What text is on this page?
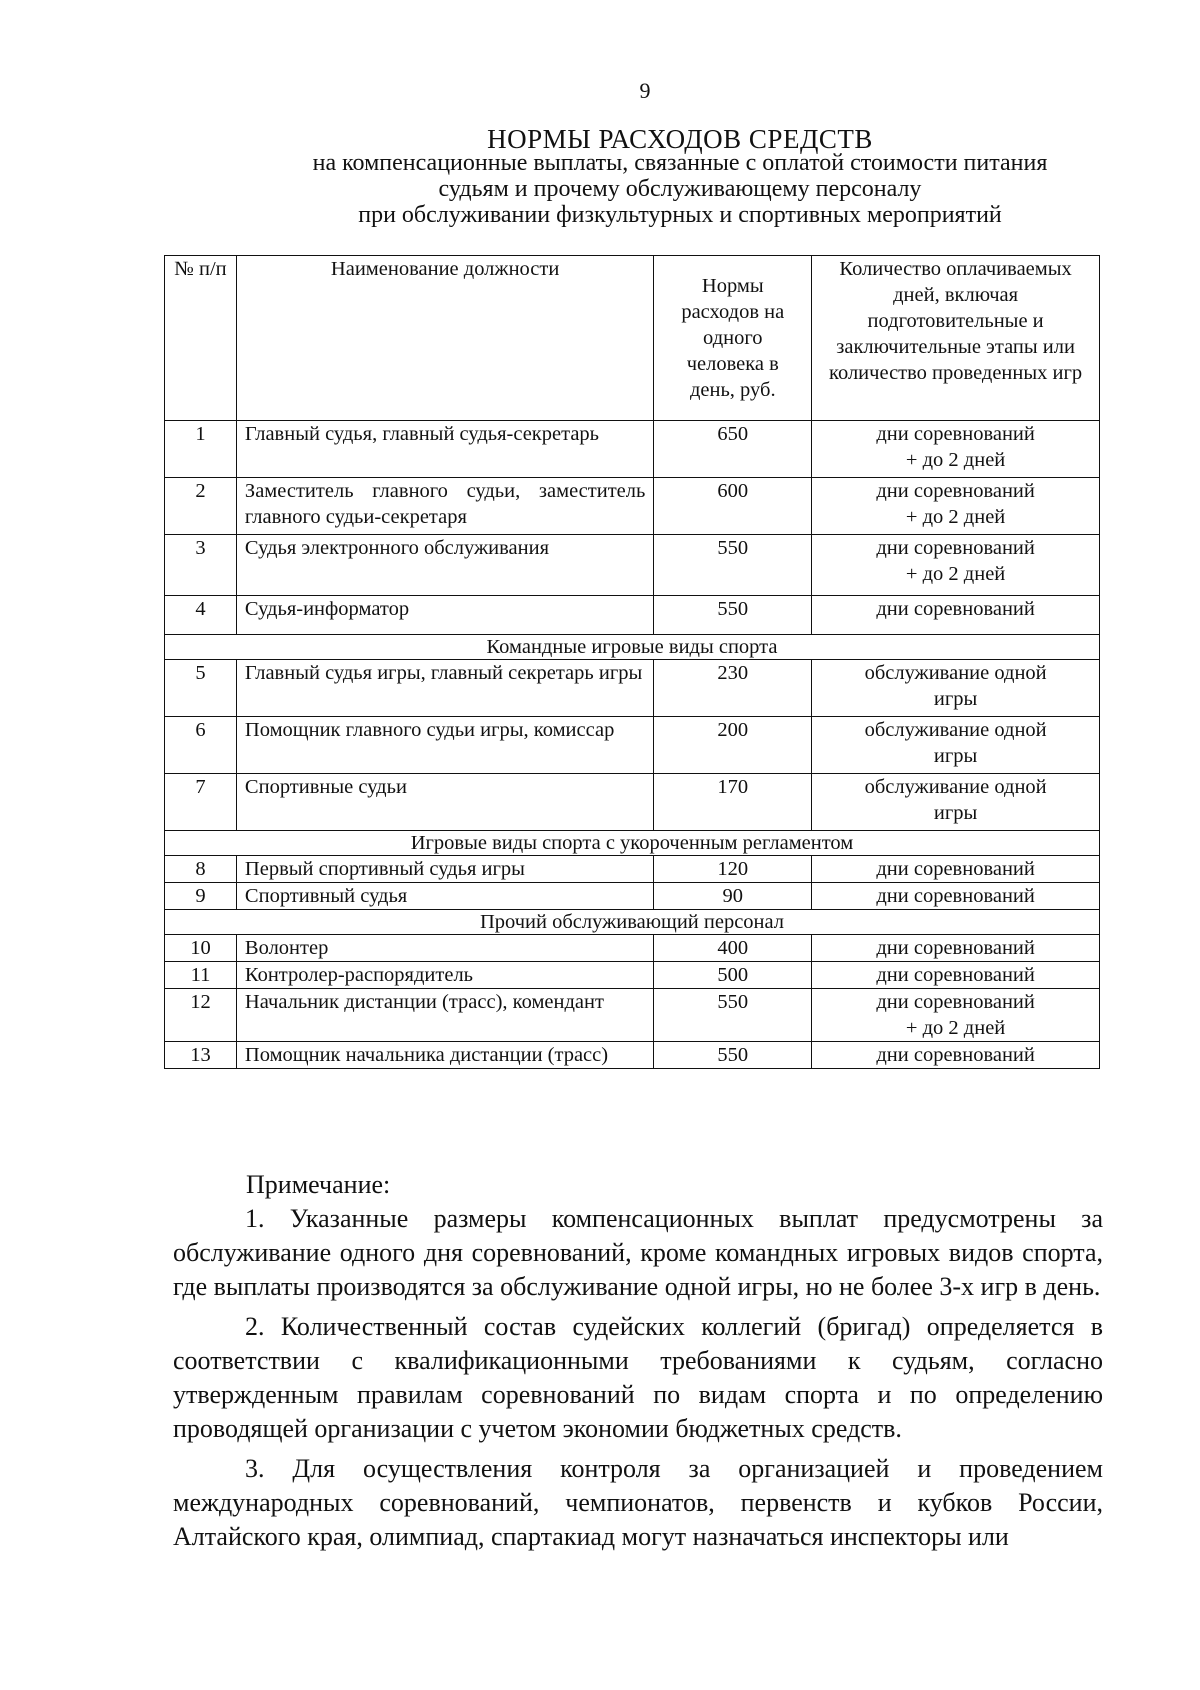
9
НОРМЫ РАСХОДОВ СРЕДСТВ
на компенсационные выплаты, связанные с оплатой стоимости питания
судьям и прочему обслуживающему персоналу
при обслуживании физкультурных и спортивных мероприятий
№ п/п	Наименование должности	Нормы расходов на одного человека в день, руб.	Количество оплачиваемых дней, включая подготовительные и заключительные этапы или количество проведенных игр
1	Главный судья, главный судья-секретарь	650	дни соревнований
+ до 2 дней

2	Заместитель главного судьи, заместитель главного судьи-секретаря	600	дни соревнований
+ до 2 дней

3	Судья электронного обслуживания	550	дни соревнований
+ до 2 дней

4	Судья-информатор	550	дни соревнований

Командные игровые виды спорта			
5	Главный судья игры, главный секретарь игры	230	обслуживание одной
игры

6	Помощник главного судьи игры, комиссар	200	обслуживание одной
игры

7	Спортивные судьи	170	обслуживание одной
игры

Игровые виды спорта с укороченным регламентом			
8	Первый спортивный судья игры	120	дни соревнований

9	Спортивный судья	90	дни соревнований

Прочий обслуживающий персонал			
10	Волонтер	400	дни соревнований

11	Контролер-распорядитель	500	дни соревнований

12	Начальник дистанции (трасс), комендант	550	дни соревнований
+ до 2 дней

13	Помощник начальника дистанции (трасс)	550	дни соревнований

Примечание:

1. Указанные размеры компенсационных выплат предусмотрены за обслуживание одного дня соревнований, кроме командных игровых видов спорта, где выплаты производятся за обслуживание одной игры, но не более 3-х игр в день.

2. Количественный состав судейских коллегий (бригад) определяется в соответствии с квалификационными требованиями к судьям, согласно утвержденным правилам соревнований по видам спорта и по определению проводящей организации с учетом экономии бюджетных средств.

3. Для осуществления контроля за организацией и проведением международных соревнований, чемпионатов, первенств и кубков России, Алтайского края, олимпиад, спартакиад могут назначаться инспекторы или
